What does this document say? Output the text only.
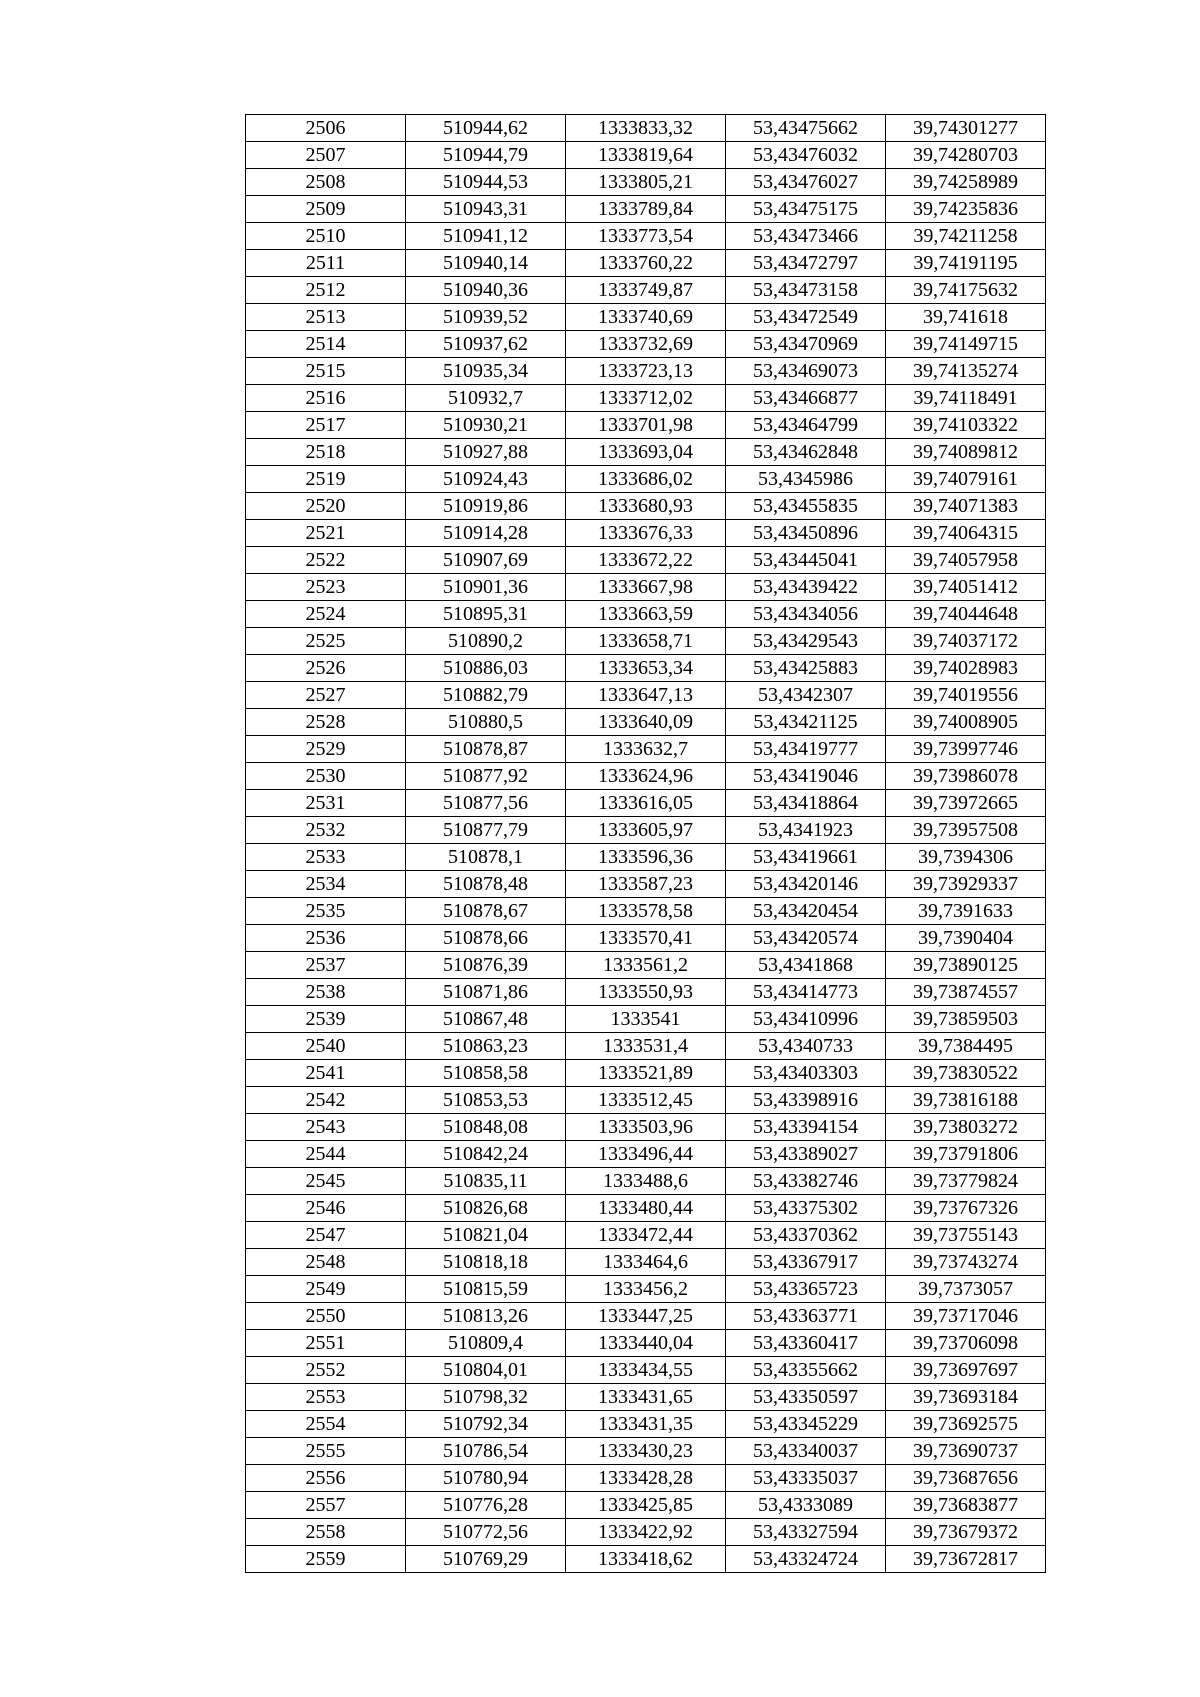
2506	510944,62	1333833,32	53,43475662	39,74301277
2507	510944,79	1333819,64	53,43476032	39,74280703
2508	510944,53	1333805,21	53,43476027	39,74258989
2509	510943,31	1333789,84	53,43475175	39,74235836
2510	510941,12	1333773,54	53,43473466	39,74211258
2511	510940,14	1333760,22	53,43472797	39,74191195
2512	510940,36	1333749,87	53,43473158	39,74175632
2513	510939,52	1333740,69	53,43472549	39,741618
2514	510937,62	1333732,69	53,43470969	39,74149715
2515	510935,34	1333723,13	53,43469073	39,74135274
2516	510932,7	1333712,02	53,43466877	39,74118491
2517	510930,21	1333701,98	53,43464799	39,74103322
2518	510927,88	1333693,04	53,43462848	39,74089812
2519	510924,43	1333686,02	53,4345986	39,74079161
2520	510919,86	1333680,93	53,43455835	39,74071383
2521	510914,28	1333676,33	53,43450896	39,74064315
2522	510907,69	1333672,22	53,43445041	39,74057958
2523	510901,36	1333667,98	53,43439422	39,74051412
2524	510895,31	1333663,59	53,43434056	39,74044648
2525	510890,2	1333658,71	53,43429543	39,74037172
2526	510886,03	1333653,34	53,43425883	39,74028983
2527	510882,79	1333647,13	53,4342307	39,74019556
2528	510880,5	1333640,09	53,43421125	39,74008905
2529	510878,87	1333632,7	53,43419777	39,73997746
2530	510877,92	1333624,96	53,43419046	39,73986078
2531	510877,56	1333616,05	53,43418864	39,73972665
2532	510877,79	1333605,97	53,4341923	39,73957508
2533	510878,1	1333596,36	53,43419661	39,7394306
2534	510878,48	1333587,23	53,43420146	39,73929337
2535	510878,67	1333578,58	53,43420454	39,7391633
2536	510878,66	1333570,41	53,43420574	39,7390404
2537	510876,39	1333561,2	53,4341868	39,73890125
2538	510871,86	1333550,93	53,43414773	39,73874557
2539	510867,48	1333541	53,43410996	39,73859503
2540	510863,23	1333531,4	53,4340733	39,7384495
2541	510858,58	1333521,89	53,43403303	39,73830522
2542	510853,53	1333512,45	53,43398916	39,73816188
2543	510848,08	1333503,96	53,43394154	39,73803272
2544	510842,24	1333496,44	53,43389027	39,73791806
2545	510835,11	1333488,6	53,43382746	39,73779824
2546	510826,68	1333480,44	53,43375302	39,73767326
2547	510821,04	1333472,44	53,43370362	39,73755143
2548	510818,18	1333464,6	53,43367917	39,73743274
2549	510815,59	1333456,2	53,43365723	39,7373057
2550	510813,26	1333447,25	53,43363771	39,73717046
2551	510809,4	1333440,04	53,43360417	39,73706098
2552	510804,01	1333434,55	53,43355662	39,73697697
2553	510798,32	1333431,65	53,43350597	39,73693184
2554	510792,34	1333431,35	53,43345229	39,73692575
2555	510786,54	1333430,23	53,43340037	39,73690737
2556	510780,94	1333428,28	53,43335037	39,73687656
2557	510776,28	1333425,85	53,4333089	39,73683877
2558	510772,56	1333422,92	53,43327594	39,73679372
2559	510769,29	1333418,62	53,43324724	39,73672817
